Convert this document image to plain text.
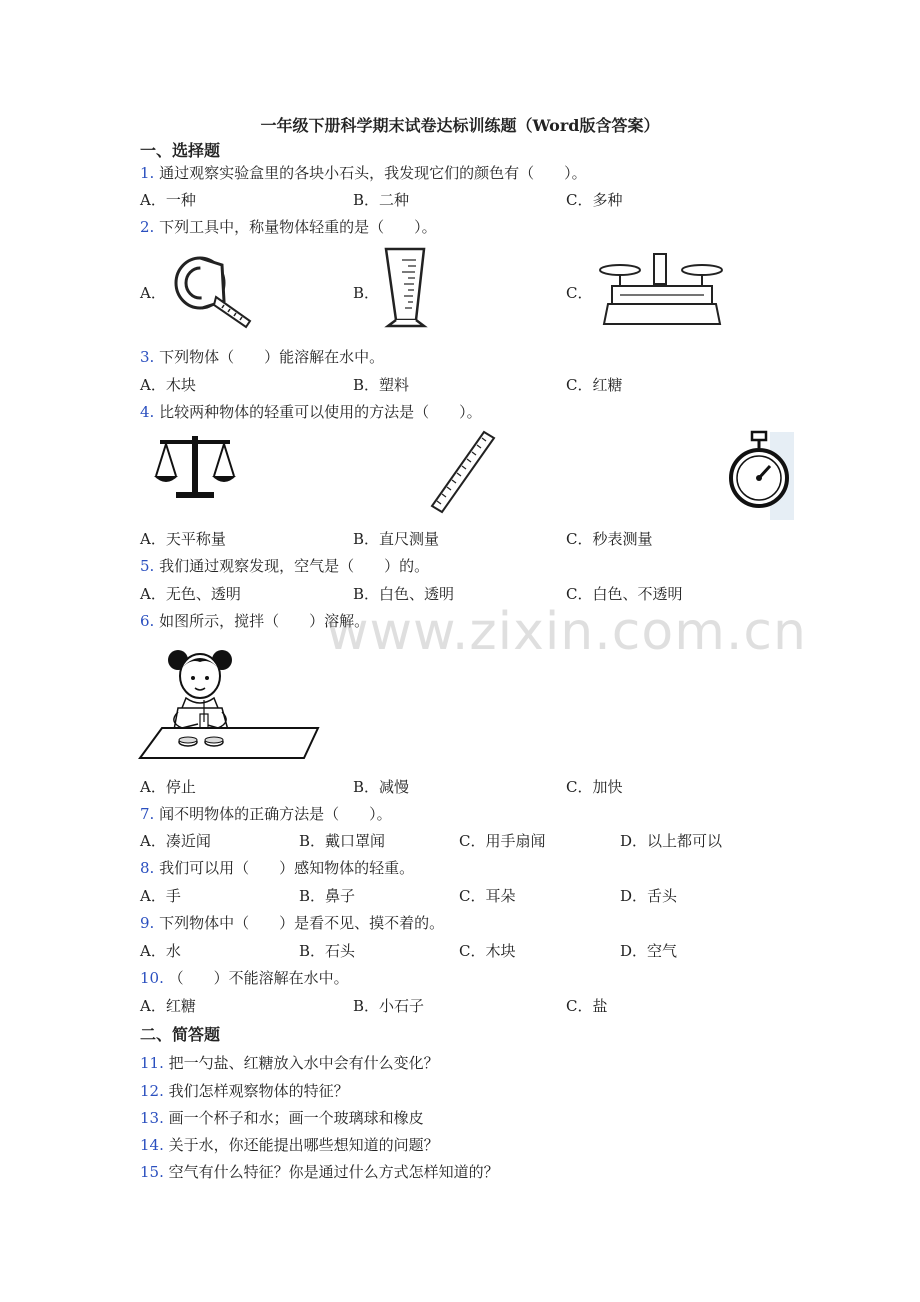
一年级下册科学期末试卷达标训练题（Word版含答案）
一、选择题
1. 通过观察实验盒里的各块小石头，我发现它们的颜色有（　　）。
A．一种	B．二种	C．多种
2. 下列工具中，称量物体轻重的是（　　）。
A．	B．	C．
3. 下列物体（　　）能溶解在水中。
A．木块	B．塑料	C．红糖
4. 比较两种物体的轻重可以使用的方法是（　　）。
A．天平称量	B．直尺测量	C．秒表测量
5. 我们通过观察发现，空气是（　　）的。
A．无色、透明	B．白色、透明	C．白色、不透明
6. 如图所示，搅拌（　　）溶解。
www.zixin.com.cn
A．停止	B．减慢	C．加快
7. 闻不明物体的正确方法是（　　）。
A．凑近闻	B．戴口罩闻	C．用手扇闻	D．以上都可以
8. 我们可以用（　　）感知物体的轻重。
A．手	B．鼻子	C．耳朵	D．舌头
9. 下列物体中（　　）是看不见、摸不着的。
A．水	B．石头	C．木块	D．空气
10. （　　）不能溶解在水中。
A．红糖	B．小石子	C．盐
二、简答题
11. 把一勺盐、红糖放入水中会有什么变化？
12. 我们怎样观察物体的特征？
13. 画一个杯子和水；画一个玻璃球和橡皮
14. 关于水，你还能提出哪些想知道的问题？
15. 空气有什么特征？你是通过什么方式怎样知道的？
